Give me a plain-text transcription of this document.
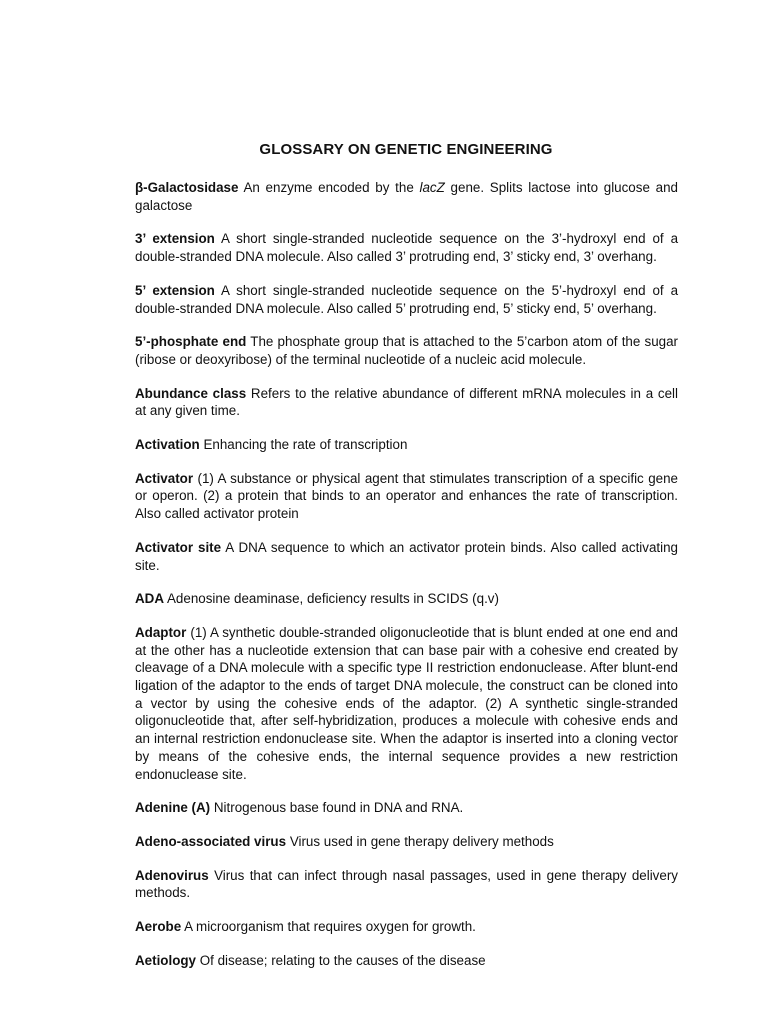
GLOSSARY ON GENETIC ENGINEERING

β-Galactosidase An enzyme encoded by the lacZ gene. Splits lactose into glucose and galactose

3’ extension A short single-stranded nucleotide sequence on the 3’-hydroxyl end of a double-stranded DNA molecule. Also called 3’ protruding end, 3’ sticky end, 3’ overhang.

5’ extension A short single-stranded nucleotide sequence on the 5’-hydroxyl end of a double-stranded DNA molecule. Also called 5’ protruding end, 5’ sticky end, 5’ overhang.

5’-phosphate end The phosphate group that is attached to the 5’carbon atom of the sugar (ribose or deoxyribose) of the terminal nucleotide of a nucleic acid molecule.

Abundance class Refers to the relative abundance of different mRNA molecules in a cell at any given time.

Activation Enhancing the rate of transcription

Activator (1) A substance or physical agent that stimulates transcription of a specific gene or operon. (2) a protein that binds to an operator and enhances the rate of transcription. Also called activator protein

Activator site A DNA sequence to which an activator protein binds. Also called activating site.

ADA Adenosine deaminase, deficiency results in SCIDS (q.v)

Adaptor (1) A synthetic double-stranded oligonucleotide that is blunt ended at one end and at the other has a nucleotide extension that can base pair with a cohesive end created by cleavage of a DNA molecule with a specific type II restriction endonuclease. After blunt-end ligation of the adaptor to the ends of target DNA molecule, the construct can be cloned into a vector by using the cohesive ends of the adaptor. (2) A synthetic single-stranded oligonucleotide that, after self-hybridization, produces a molecule with cohesive ends and an internal restriction endonuclease site. When the adaptor is inserted into a cloning vector by means of the cohesive ends, the internal sequence provides a new restriction endonuclease site.

Adenine (A) Nitrogenous base found in DNA and RNA.

Adeno-associated virus Virus used in gene therapy delivery methods

Adenovirus Virus that can infect through nasal passages, used in gene therapy delivery methods.

Aerobe A microorganism that requires oxygen for growth.

Aetiology Of disease; relating to the causes of the disease
